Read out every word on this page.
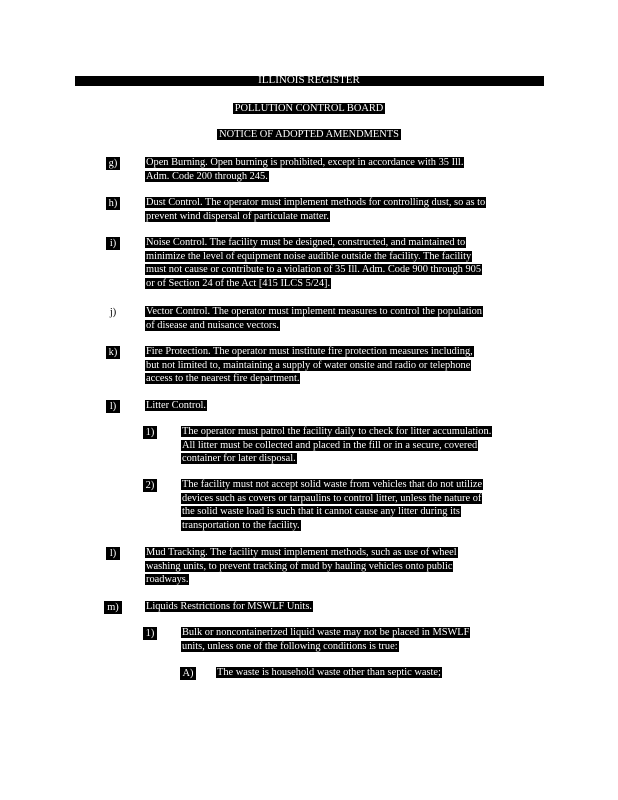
ILLINOIS REGISTER
POLLUTION CONTROL BOARD
NOTICE OF ADOPTED AMENDMENTS
g)	Open Burning. Open burning is prohibited, except in accordance with 35 Ill.
Adm. Code 200 through 245.
h)	Dust Control. The operator must implement methods for controlling dust, so as to
prevent wind dispersal of particulate matter.
i)	Noise Control. The facility must be designed, constructed, and maintained to
minimize the level of equipment noise audible outside the facility. The facility
must not cause or contribute to a violation of 35 Ill. Adm. Code 900 through 905
or of Section 24 of the Act [415 ILCS 5/24].
j)	Vector Control. The operator must implement measures to control the population
of disease and nuisance vectors.
k)	Fire Protection. The operator must institute fire protection measures including,
but not limited to, maintaining a supply of water onsite and radio or telephone
access to the nearest fire department.
l)	Litter Control.
1)	The operator must patrol the facility daily to check for litter accumulation.
All litter must be collected and placed in the fill or in a secure, covered
container for later disposal.
2)	The facility must not accept solid waste from vehicles that do not utilize
devices such as covers or tarpaulins to control litter, unless the nature of
the solid waste load is such that it cannot cause any litter during its
transportation to the facility.
l)	Mud Tracking. The facility must implement methods, such as use of wheel
washing units, to prevent tracking of mud by hauling vehicles onto public
roadways.
m)	Liquids Restrictions for MSWLF Units.
1)	Bulk or noncontainerized liquid waste may not be placed in MSWLF
units, unless one of the following conditions is true:
A) The waste is household waste other than septic waste;
